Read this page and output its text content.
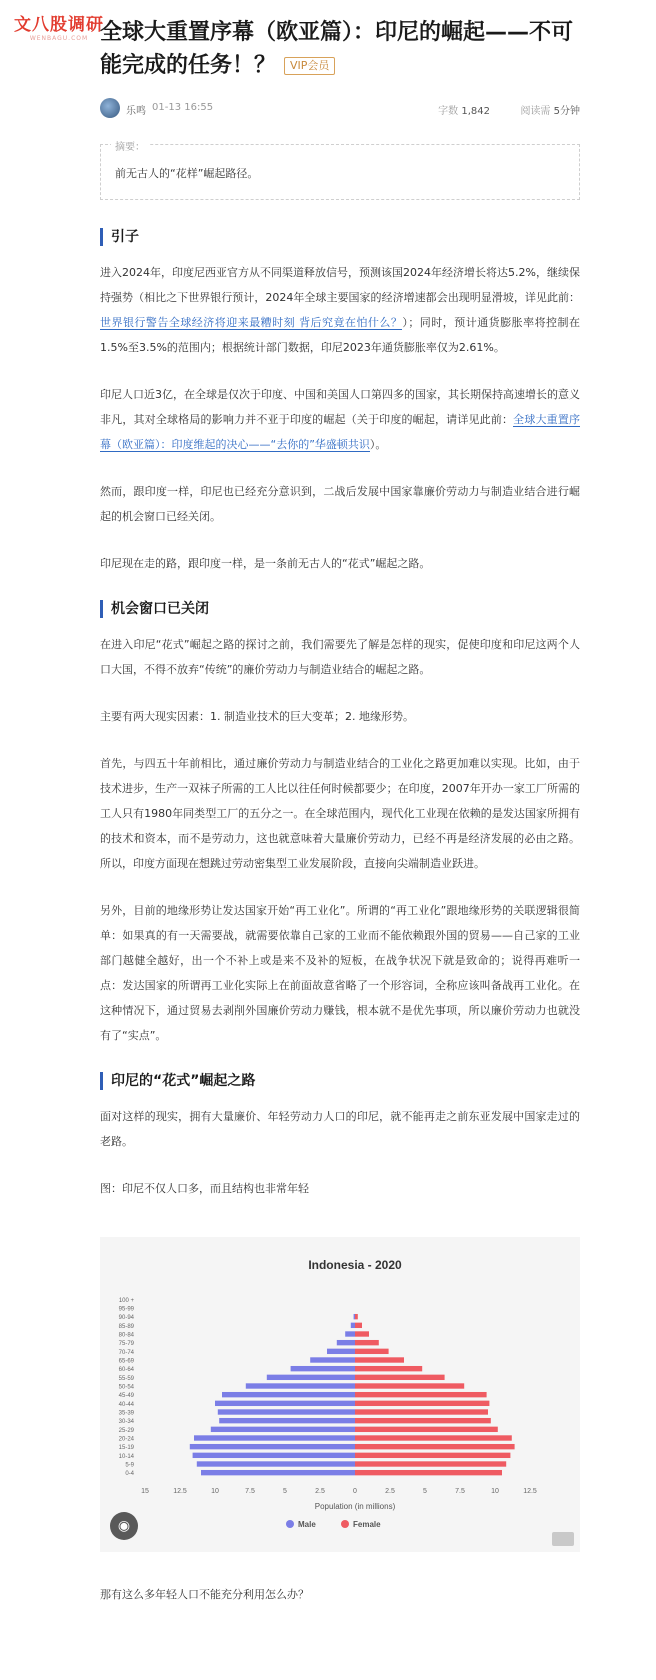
文八股调研
WENBAGU.COM 全球大重置序幕（欧亚篇）：印尼的崛起——不可能完成的任务！？ VIP会员
乐鸣 01-13 16:55	字数 1,842	阅读需 5分钟
摘要：
前无古人的“花样”崛起路径。
引子

进入2024年，印度尼西亚官方从不同渠道释放信号，预测该国2024年经济增长将达5.2%，继续保持强势（相比之下世界银行预计，2024年全球主要国家的经济增速都会出现明显滑坡，详见此前：世界银行警告全球经济将迎来最糟时刻 背后究竟在怕什么？）；同时，预计通货膨胀率将控制在1.5%至3.5%的范围内；根据统计部门数据，印尼2023年通货膨胀率仅为2.61%。

印尼人口近3亿，在全球是仅次于印度、中国和美国人口第四多的国家，其长期保持高速增长的意义非凡，其对全球格局的影响力并不亚于印度的崛起（关于印度的崛起，请详见此前：全球大重置序幕（欧亚篇）：印度维起的决心——“去你的”华盛顿共识）。

然而，跟印度一样，印尼也已经充分意识到，二战后发展中国家靠廉价劳动力与制造业结合进行崛起的机会窗口已经关闭。

印尼现在走的路，跟印度一样，是一条前无古人的“花式”崛起之路。

机会窗口已关闭

在进入印尼“花式”崛起之路的探讨之前，我们需要先了解是怎样的现实，促使印度和印尼这两个人口大国，不得不放弃“传统”的廉价劳动力与制造业结合的崛起之路。

主要有两大现实因素：1. 制造业技术的巨大变革；2. 地缘形势。

首先，与四五十年前相比，通过廉价劳动力与制造业结合的工业化之路更加难以实现。比如，由于技术进步，生产一双袜子所需的工人比以往任何时候都要少；在印度，2007年开办一家工厂所需的工人只有1980年同类型工厂的五分之一。在全球范围内，现代化工业现在依赖的是发达国家所拥有的技术和资本，而不是劳动力，这也就意味着大量廉价劳动力，已经不再是经济发展的必由之路。所以，印度方面现在想跳过劳动密集型工业发展阶段，直接向尖端制造业跃进。

另外，目前的地缘形势让发达国家开始“再工业化”。所谓的“再工业化”跟地缘形势的关联逻辑很简单：如果真的有一天需要战，就需要依靠自己家的工业而不能依赖跟外国的贸易——自己家的工业部门越健全越好，出一个不补上或是来不及补的短板，在战争状况下就是致命的；说得再难听一点：发达国家的所谓再工业化实际上在前面故意省略了一个形容词，全称应该叫备战再工业化。在这种情况下，通过贸易去剥削外国廉价劳动力赚钱，根本就不是优先事项，所以廉价劳动力也就没有了“实点”。

印尼的“花式”崛起之路

面对这样的现实，拥有大量廉价、年轻劳动力人口的印尼，就不能再走之前东亚发展中国家走过的老路。

图：印尼不仅人口多，而且结构也非常年轻

Indonesia - 2020
100 +
95-99
90-94
85-89
80-84
75-79
70-74
65-69
60-64
55-59
50-54
45-49
40-44
35-39
30-34
25-29
20-24
15-19
10-14
5-9
0-4
15	12.5	10	7.5	5	2.5	0	2.5	5	7.5	10	12.5
Population (in millions)
Male	Female
◉

那有这么多年轻人口不能充分利用怎么办？
